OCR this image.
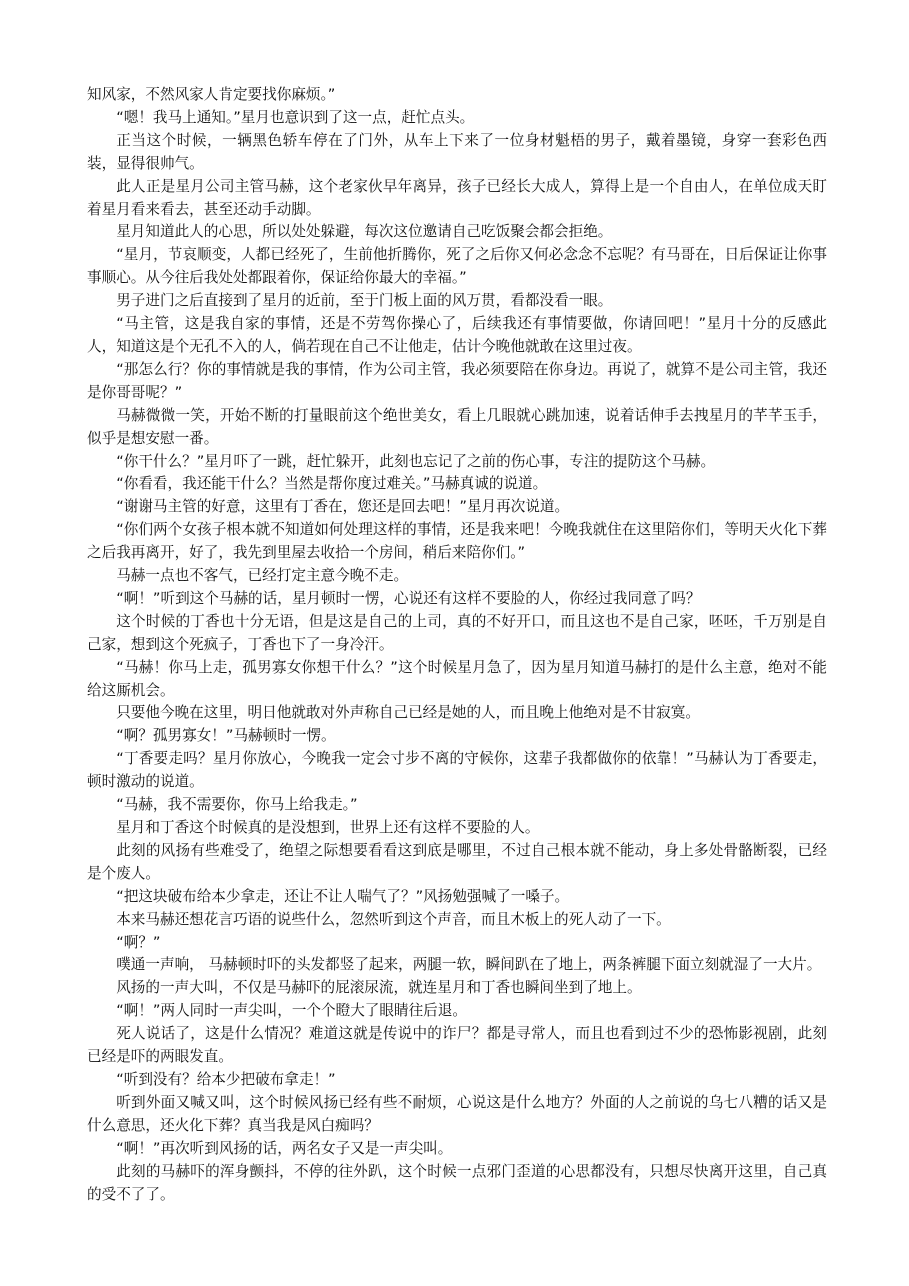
知风家，不然风家人肯定要找你麻烦。”

“嗯！我马上通知。”星月也意识到了这一点，赶忙点头。

正当这个时候，一辆黑色轿车停在了门外，从车上下来了一位身材魁梧的男子，戴着墨镜，身穿一套彩色西装，显得很帅气。

此人正是星月公司主管马赫，这个老家伙早年离异，孩子已经长大成人，算得上是一个自由人，在单位成天盯着星月看来看去，甚至还动手动脚。

星月知道此人的心思，所以处处躲避，每次这位邀请自己吃饭聚会都会拒绝。

“星月，节哀顺变，人都已经死了，生前他折腾你，死了之后你又何必念念不忘呢？有马哥在，日后保证让你事事顺心。从今往后我处处都跟着你，保证给你最大的幸福。”

男子进门之后直接到了星月的近前，至于门板上面的风万贯，看都没看一眼。

“马主管，这是我自家的事情，还是不劳驾你操心了，后续我还有事情要做，你请回吧！”星月十分的反感此人，知道这是个无孔不入的人，倘若现在自己不让他走，估计今晚他就敢在这里过夜。

“那怎么行？你的事情就是我的事情，作为公司主管，我必须要陪在你身边。再说了，就算不是公司主管，我还是你哥哥呢？”

马赫微微一笑，开始不断的打量眼前这个绝世美女，看上几眼就心跳加速，说着话伸手去拽星月的芊芊玉手，似乎是想安慰一番。

“你干什么？”星月吓了一跳，赶忙躲开，此刻也忘记了之前的伤心事，专注的提防这个马赫。

“你看看，我还能干什么？当然是帮你度过难关。”马赫真诚的说道。

“谢谢马主管的好意，这里有丁香在，您还是回去吧！”星月再次说道。

“你们两个女孩子根本就不知道如何处理这样的事情，还是我来吧！今晚我就住在这里陪你们，等明天火化下葬之后我再离开，好了，我先到里屋去收拾一个房间，稍后来陪你们。”

马赫一点也不客气，已经打定主意今晚不走。

“啊！”听到这个马赫的话，星月顿时一愣，心说还有这样不要脸的人，你经过我同意了吗？

这个时候的丁香也十分无语，但是这是自己的上司，真的不好开口，而且这也不是自己家，呸呸，千万别是自己家，想到这个死疯子，丁香也下了一身冷汗。

“马赫！你马上走，孤男寡女你想干什么？”这个时候星月急了，因为星月知道马赫打的是什么主意，绝对不能给这厮机会。

只要他今晚在这里，明日他就敢对外声称自己已经是她的人，而且晚上他绝对是不甘寂寞。

“啊？孤男寡女！”马赫顿时一愣。

“丁香要走吗？星月你放心，今晚我一定会寸步不离的守候你，这辈子我都做你的依靠！”马赫认为丁香要走，顿时激动的说道。

“马赫，我不需要你，你马上给我走。”

星月和丁香这个时候真的是没想到，世界上还有这样不要脸的人。

此刻的风扬有些难受了，绝望之际想要看看这到底是哪里，不过自己根本就不能动，身上多处骨骼断裂，已经是个废人。

“把这块破布给本少拿走，还让不让人喘气了？”风扬勉强喊了一嗓子。

本来马赫还想花言巧语的说些什么，忽然听到这个声音，而且木板上的死人动了一下。

“啊？”

噗通一声响， 马赫顿时吓的头发都竖了起来，两腿一软，瞬间趴在了地上，两条裤腿下面立刻就湿了一大片。

风扬的一声大叫，不仅是马赫吓的屁滚尿流，就连星月和丁香也瞬间坐到了地上。

“啊！”两人同时一声尖叫，一个个瞪大了眼睛往后退。

死人说话了，这是什么情况？难道这就是传说中的诈尸？都是寻常人，而且也看到过不少的恐怖影视剧，此刻已经是吓的两眼发直。

“听到没有？给本少把破布拿走！”

听到外面又喊又叫，这个时候风扬已经有些不耐烦，心说这是什么地方？外面的人之前说的乌七八糟的话又是什么意思，还火化下葬？真当我是风白痴吗？

“啊！”再次听到风扬的话，两名女子又是一声尖叫。

此刻的马赫吓的浑身颤抖，不停的往外趴，这个时候一点邪门歪道的心思都没有，只想尽快离开这里，自己真的受不了了。
